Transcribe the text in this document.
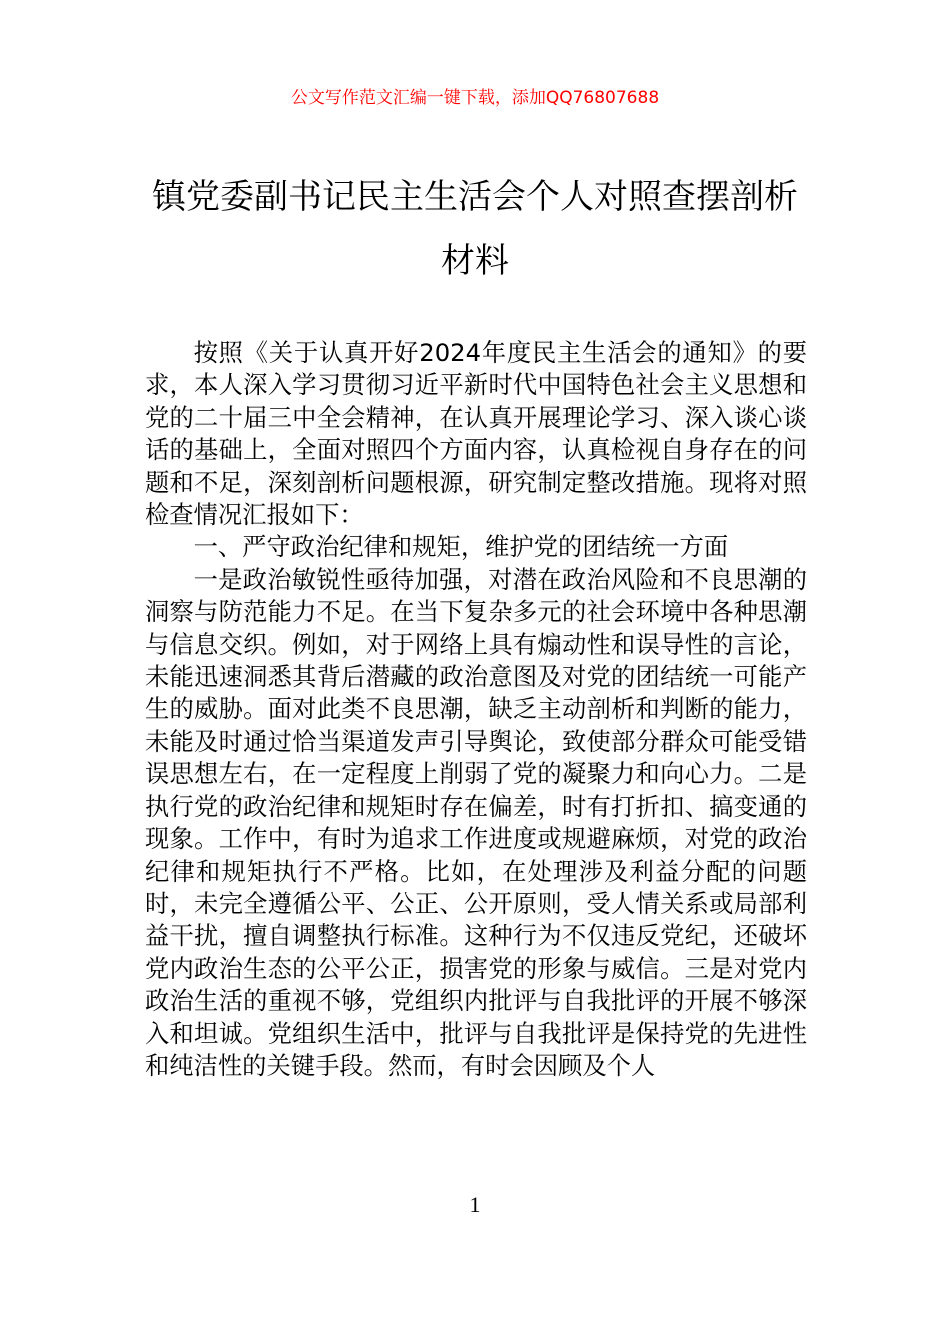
公文写作范文汇编一键下载，添加QQ76807688
镇党委副书记民主生活会个人对照查摆剖析材料

按照《关于认真开好2024年度民主生活会的通知》的要求，本人深入学习贯彻习近平新时代中国特色社会主义思想和党的二十届三中全会精神，在认真开展理论学习、深入谈心谈话的基础上，全面对照四个方面内容，认真检视自身存在的问题和不足，深刻剖析问题根源，研究制定整改措施。现将对照检查情况汇报如下：

一、严守政治纪律和规矩，维护党的团结统一方面

一是政治敏锐性亟待加强，对潜在政治风险和不良思潮的洞察与防范能力不足。在当下复杂多元的社会环境中各种思潮与信息交织。例如，对于网络上具有煽动性和误导性的言论，未能迅速洞悉其背后潜藏的政治意图及对党的团结统一可能产生的威胁。面对此类不良思潮，缺乏主动剖析和判断的能力，未能及时通过恰当渠道发声引导舆论，致使部分群众可能受错误思想左右，在一定程度上削弱了党的凝聚力和向心力。二是执行党的政治纪律和规矩时存在偏差，时有打折扣、搞变通的现象。工作中，有时为追求工作进度或规避麻烦，对党的政治纪律和规矩执行不严格。比如，在处理涉及利益分配的问题时，未完全遵循公平、公正、公开原则，受人情关系或局部利益干扰，擅自调整执行标准。这种行为不仅违反党纪，还破坏党内政治生态的公平公正，损害党的形象与威信。三是对党内政治生活的重视不够，党组织内批评与自我批评的开展不够深入和坦诚。党组织生活中，批评与自我批评是保持党的先进性和纯洁性的关键手段。然而，有时会因顾及个人

1
